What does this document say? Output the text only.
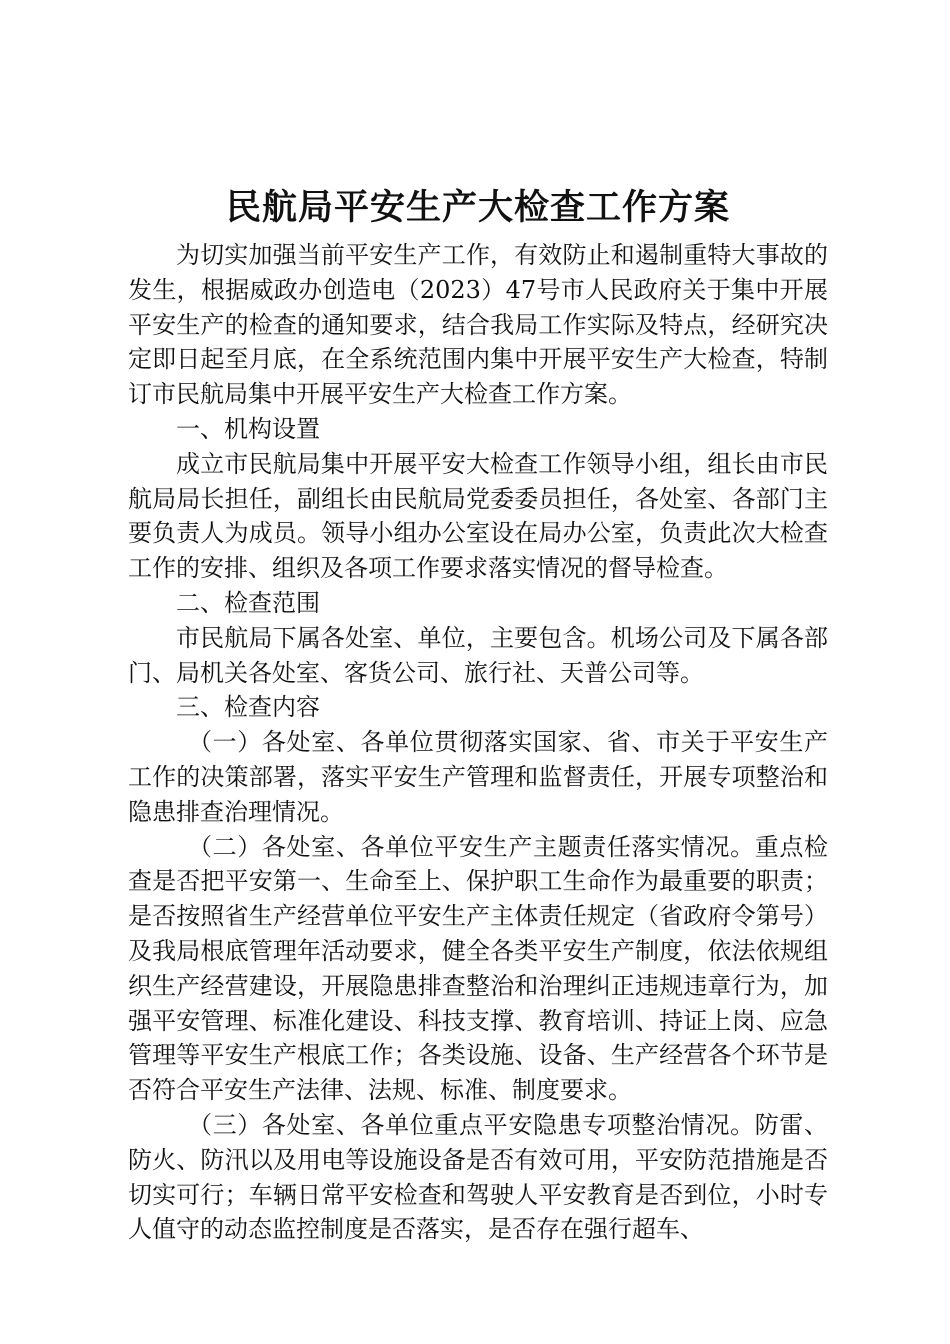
民航局平安生产大检查工作方案

为切实加强当前平安生产工作，有效防止和遏制重特大事故的发生，根据威政办创造电（2023）47号市人民政府关于集中开展平安生产的检查的通知要求，结合我局工作实际及特点，经研究决定即日起至月底，在全系统范围内集中开展平安生产大检查，特制订市民航局集中开展平安生产大检查工作方案。

一、机构设置

成立市民航局集中开展平安大检查工作领导小组，组长由市民航局局长担任，副组长由民航局党委委员担任，各处室、各部门主要负责人为成员。领导小组办公室设在局办公室，负责此次大检查工作的安排、组织及各项工作要求落实情况的督导检查。

二、检查范围

市民航局下属各处室、单位，主要包含。机场公司及下属各部门、局机关各处室、客货公司、旅行社、天普公司等。

三、检查内容

（一）各处室、各单位贯彻落实国家、省、市关于平安生产工作的决策部署，落实平安生产管理和监督责任，开展专项整治和隐患排查治理情况。

（二）各处室、各单位平安生产主题责任落实情况。重点检查是否把平安第一、生命至上、保护职工生命作为最重要的职责；是否按照省生产经营单位平安生产主体责任规定（省政府令第号）及我局根底管理年活动要求，健全各类平安生产制度，依法依规组织生产经营建设，开展隐患排查整治和治理纠正违规违章行为，加强平安管理、标准化建设、科技支撑、教育培训、持证上岗、应急管理等平安生产根底工作；各类设施、设备、生产经营各个环节是否符合平安生产法律、法规、标准、制度要求。

（三）各处室、各单位重点平安隐患专项整治情况。防雷、防火、防汛以及用电等设施设备是否有效可用，平安防范措施是否切实可行；车辆日常平安检查和驾驶人平安教育是否到位，小时专人值守的动态监控制度是否落实，是否存在强行超车、
